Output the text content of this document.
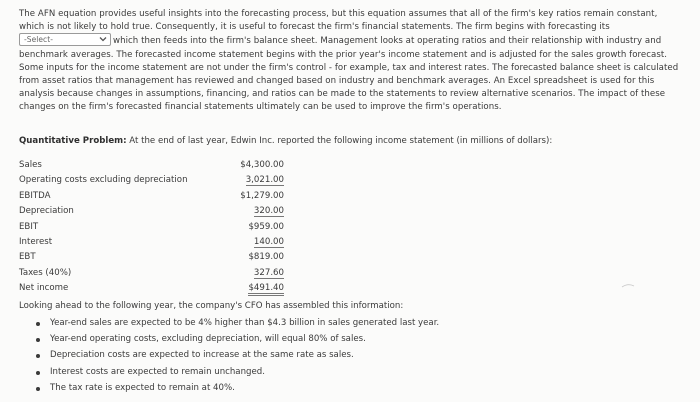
The AFN equation provides useful insights into the forecasting process, but this equation assumes that all of the firm's key ratios remain constant,
which is not likely to hold true. Consequently, it is useful to forecast the firm's financial statements. The firm begins with forecasting its
-Select-	which then feeds into the firm's balance sheet. Management looks at operating ratios and their relationship with industry and
benchmark averages. The forecasted income statement begins with the prior year's income statement and is adjusted for the sales growth forecast.
Some inputs for the income statement are not under the firm's control - for example, tax and interest rates. The forecasted balance sheet is calculated
from asset ratios that management has reviewed and changed based on industry and benchmark averages. An Excel spreadsheet is used for this
analysis because changes in assumptions, financing, and ratios can be made to the statements to review alternative scenarios. The impact of these
changes on the firm's forecasted financial statements ultimately can be used to improve the firm's operations.
Quantitative Problem: At the end of last year, Edwin Inc. reported the following income statement (in millions of dollars):
Sales	$4,300.00
Operating costs excluding depreciation	3,021.00
EBITDA	$1,279.00
Depreciation	320.00
EBIT	$959.00
Interest	140.00
EBT	$819.00
Taxes (40%)	327.60
Net income	$491.40
Looking ahead to the following year, the company's CFO has assembled this information:
Year-end sales are expected to be 4% higher than $4.3 billion in sales generated last year.
Year-end operating costs, excluding depreciation, will equal 80% of sales.
Depreciation costs are expected to increase at the same rate as sales.
Interest costs are expected to remain unchanged.
The tax rate is expected to remain at 40%.
